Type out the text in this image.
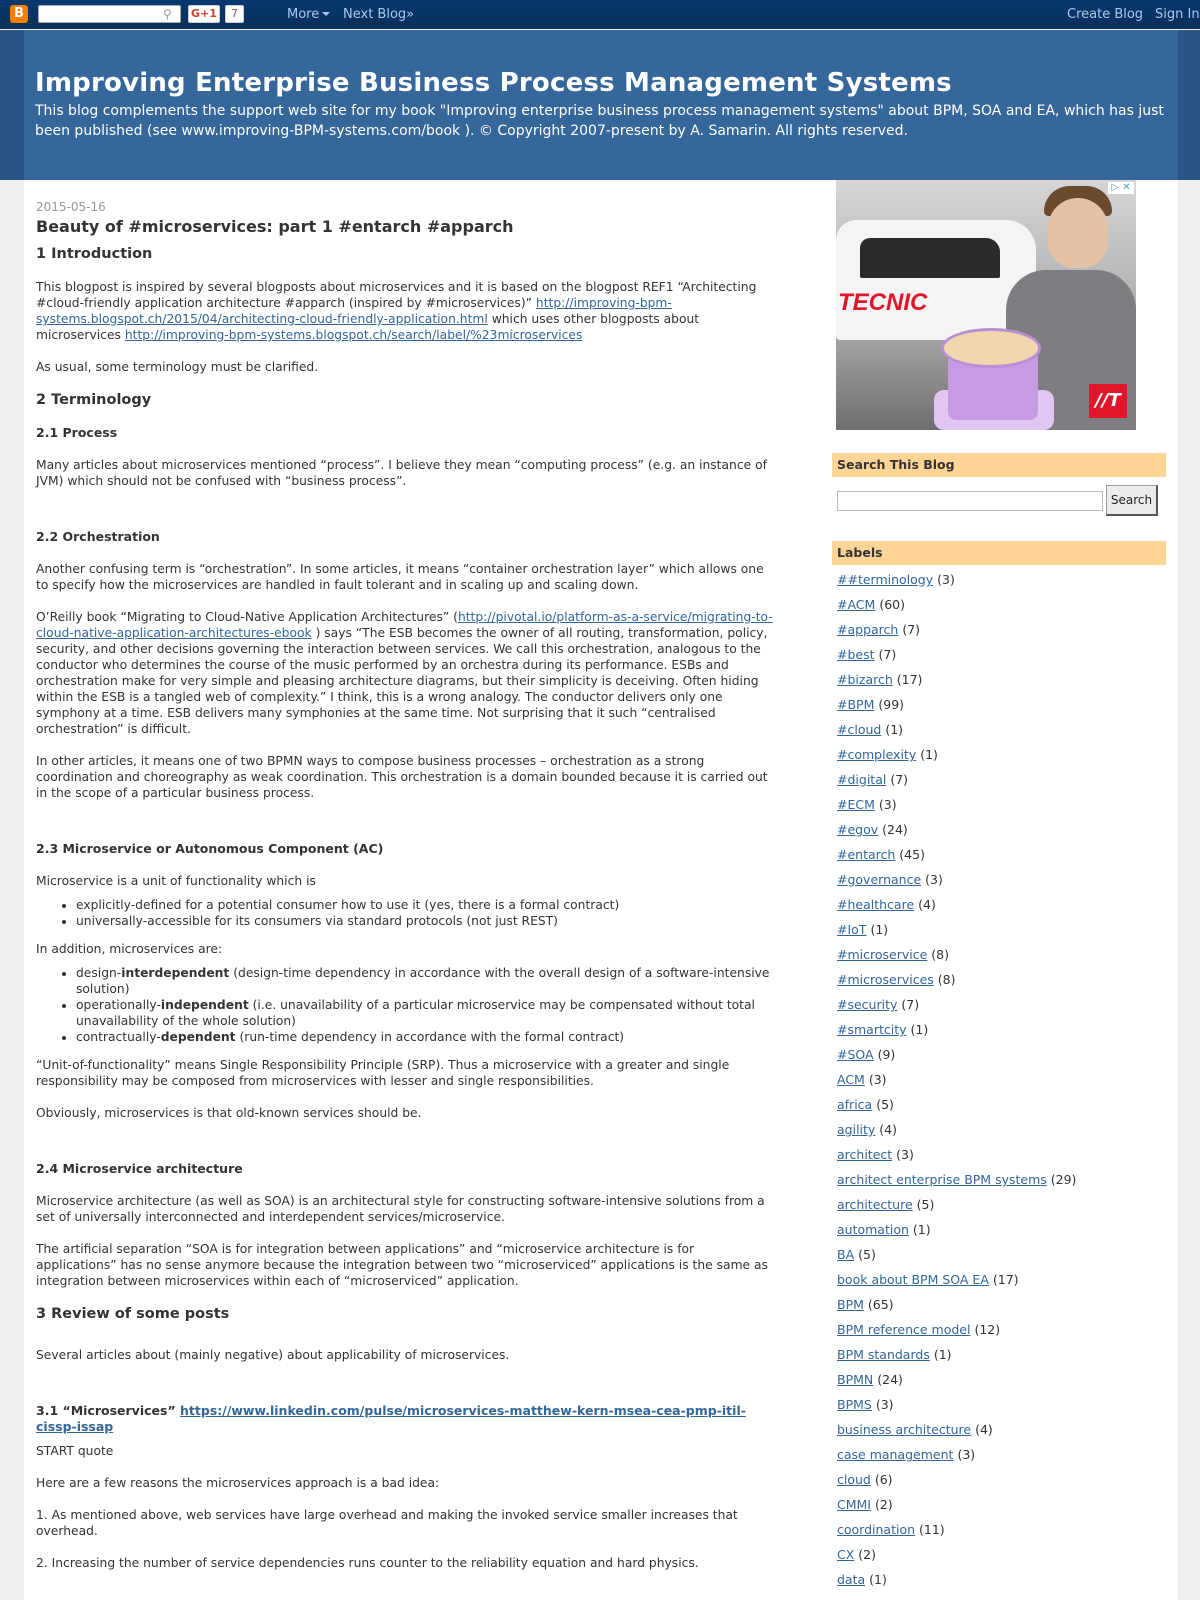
B	⚲	G+1	7	More	Next Blog»	Create Blog Sign In
Improving Enterprise Business Process Management Systems

This blog complements the support web site for my book "Improving enterprise business process management systems" about BPM, SOA and EA, which has just been published (see www.improving-BPM-systems.com/book ). © Copyright 2007-present by A. Samarin. All rights reserved.

2015-05-16
Beauty of #microservices: part 1 #entarch #apparch
1 Introduction

This blogpost is inspired by several blogposts about microservices and it is based on the blogpost REF1 “Architecting #cloud-friendly application architecture #apparch (inspired by #microservices)” http://improving-bpm-systems.blogspot.ch/2015/04/architecting-cloud-friendly-application.html which uses other blogposts about microservices http://improving-bpm-systems.blogspot.ch/search/label/%23microservices

As usual, some terminology must be clarified.

2 Terminology
2.1 Process

Many articles about microservices mentioned “process”. I believe they mean “computing process” (e.g. an instance of JVM) which should not be confused with “business process”.

2.2 Orchestration

Another confusing term is “orchestration”. In some articles, it means “container orchestration layer” which allows one to specify how the microservices are handled in fault tolerant and in scaling up and scaling down.

O’Reilly book “Migrating to Cloud-Native Application Architectures” (http://pivotal.io/platform-as-a-service/migrating-to-cloud-native-application-architectures-ebook ) says “The ESB becomes the owner of all routing, transformation, policy, security, and other decisions governing the interaction between services. We call this orchestration, analogous to the conductor who determines the course of the music performed by an orchestra during its performance. ESBs and orchestration make for very simple and pleasing architecture diagrams, but their simplicity is deceiving. Often hiding within the ESB is a tangled web of complexity.” I think, this is a wrong analogy. The conductor delivers only one symphony at a time. ESB delivers many symphonies at the same time. Not surprising that it such “centralised orchestration” is difficult.

In other articles, it means one of two BPMN ways to compose business processes – orchestration as a strong coordination and choreography as weak coordination. This orchestration is a domain bounded because it is carried out in the scope of a particular business process.

2.3 Microservice or Autonomous Component (AC)

Microservice is a unit of functionality which is

• explicitly-defined for a potential consumer how to use it (yes, there is a formal contract)
• universally-accessible for its consumers via standard protocols (not just REST)

In addition, microservices are:

• design-interdependent (design-time dependency in accordance with the overall design of a software-intensive solution)
• operationally-independent (i.e. unavailability of a particular microservice may be compensated without total unavailability of the whole solution)
• contractually-dependent (run-time dependency in accordance with the formal contract)

“Unit-of-functionality” means Single Responsibility Principle (SRP). Thus a microservice with a greater and single responsibility may be composed from microservices with lesser and single responsibilities.

Obviously, microservices is that old-known services should be.

2.4 Microservice architecture

Microservice architecture (as well as SOA) is an architectural style for constructing software-intensive solutions from a set of universally interconnected and interdependent services/microservice.

The artificial separation “SOA is for integration between applications” and “microservice architecture is for applications” has no sense anymore because the integration between two “microserviced” applications is the same as integration between microservices within each of “microserviced” application.

3 Review of some posts

Several articles about (mainly negative) about applicability of microservices.

3.1 “Microservices” https://www.linkedin.com/pulse/microservices-matthew-kern-msea-cea-pmp-itil-cissp-issap

START quote

Here are a few reasons the microservices approach is a bad idea:

1. As mentioned above, web services have large overhead and making the invoked service smaller increases that overhead.

2. Increasing the number of service dependencies runs counter to the reliability equation and hard physics.

TECNIC
//T
▷ ✕
Search This Blog
Search
Labels
##terminology (3)
#ACM (60)
#apparch (7)
#best (7)
#bizarch (17)
#BPM (99)
#cloud (1)
#complexity (1)
#digital (7)
#ECM (3)
#egov (24)
#entarch (45)
#governance (3)
#healthcare (4)
#IoT (1)
#microservice (8)
#microservices (8)
#security (7)
#smartcity (1)
#SOA (9)
ACM (3)
africa (5)
agility (4)
architect (3)
architect enterprise BPM systems (29)
architecture (5)
automation (1)
BA (5)
book about BPM SOA EA (17)
BPM (65)
BPM reference model (12)
BPM standards (1)
BPMN (24)
BPMS (3)
business architecture (4)
case management (3)
cloud (6)
CMMI (2)
coordination (11)
CX (2)
data (1)
